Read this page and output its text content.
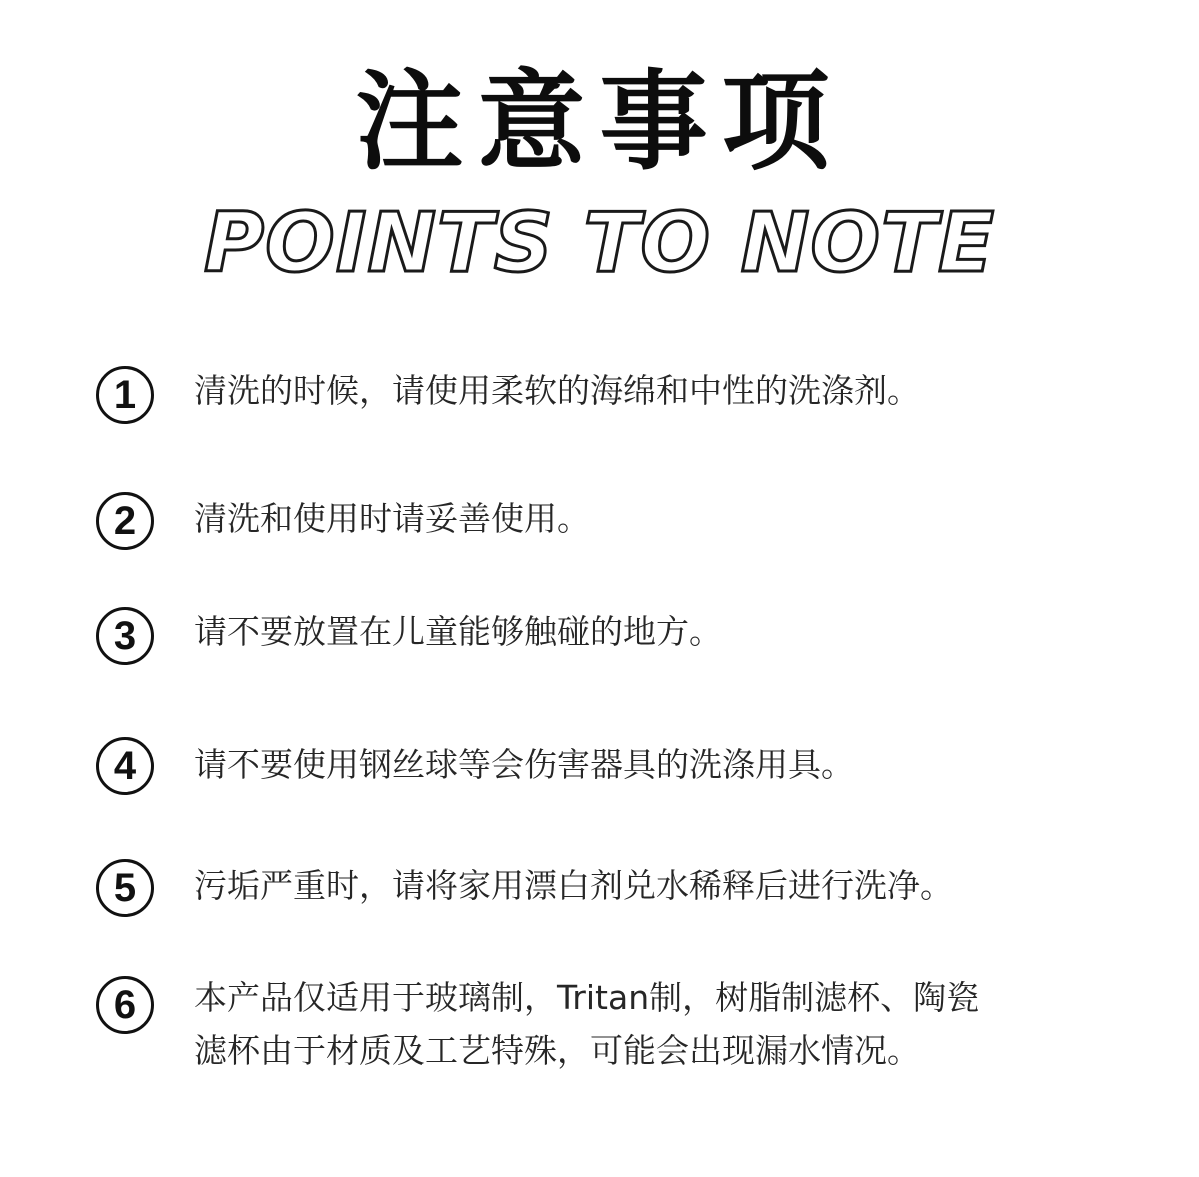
注意事项
POINTS TO NOTE
1	清洗的时候，请使用柔软的海绵和中性的洗涤剂。
2	清洗和使用时请妥善使用。
3	请不要放置在儿童能够触碰的地方。
4	请不要使用钢丝球等会伤害器具的洗涤用具。
5	污垢严重时，请将家用漂白剂兑水稀释后进行洗净。
6	本产品仅适用于玻璃制，Tritan制，树脂制滤杯、陶瓷
滤杯由于材质及工艺特殊，可能会出现漏水情况。
